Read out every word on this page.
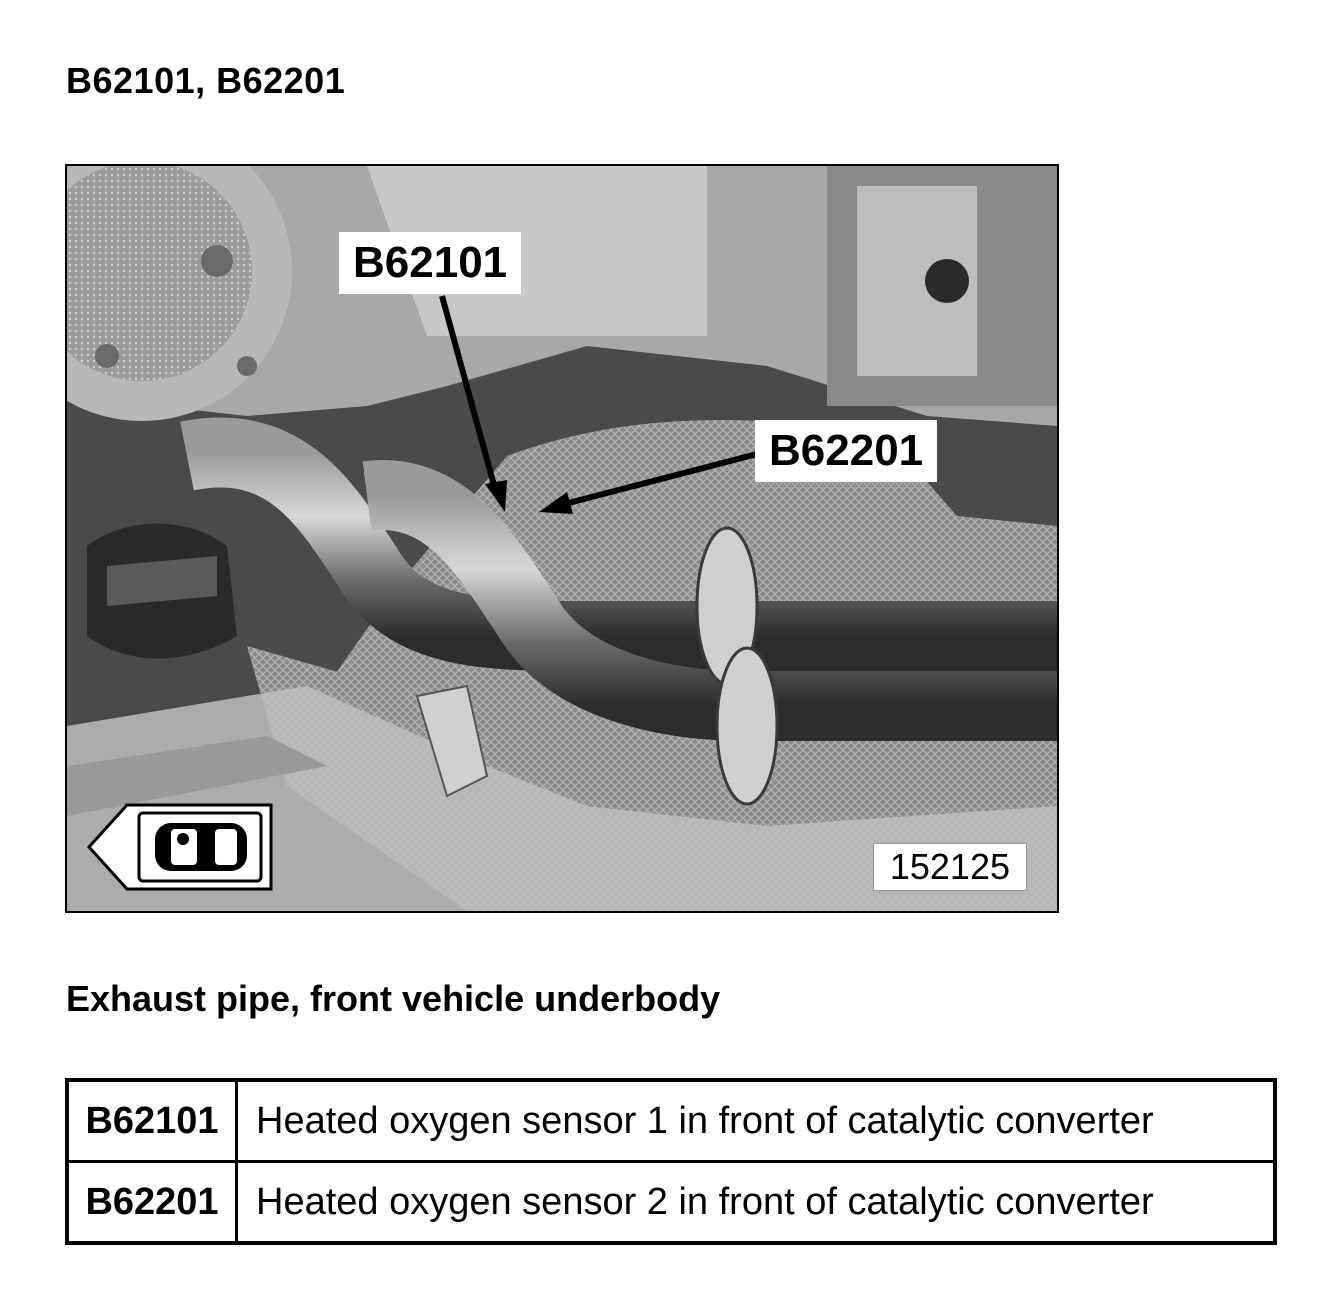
B62101, B62201
B62101
B62201
152125
Exhaust pipe, front vehicle underbody
B62101	Heated oxygen sensor 1 in front of catalytic converter
B62201	Heated oxygen sensor 2 in front of catalytic converter
